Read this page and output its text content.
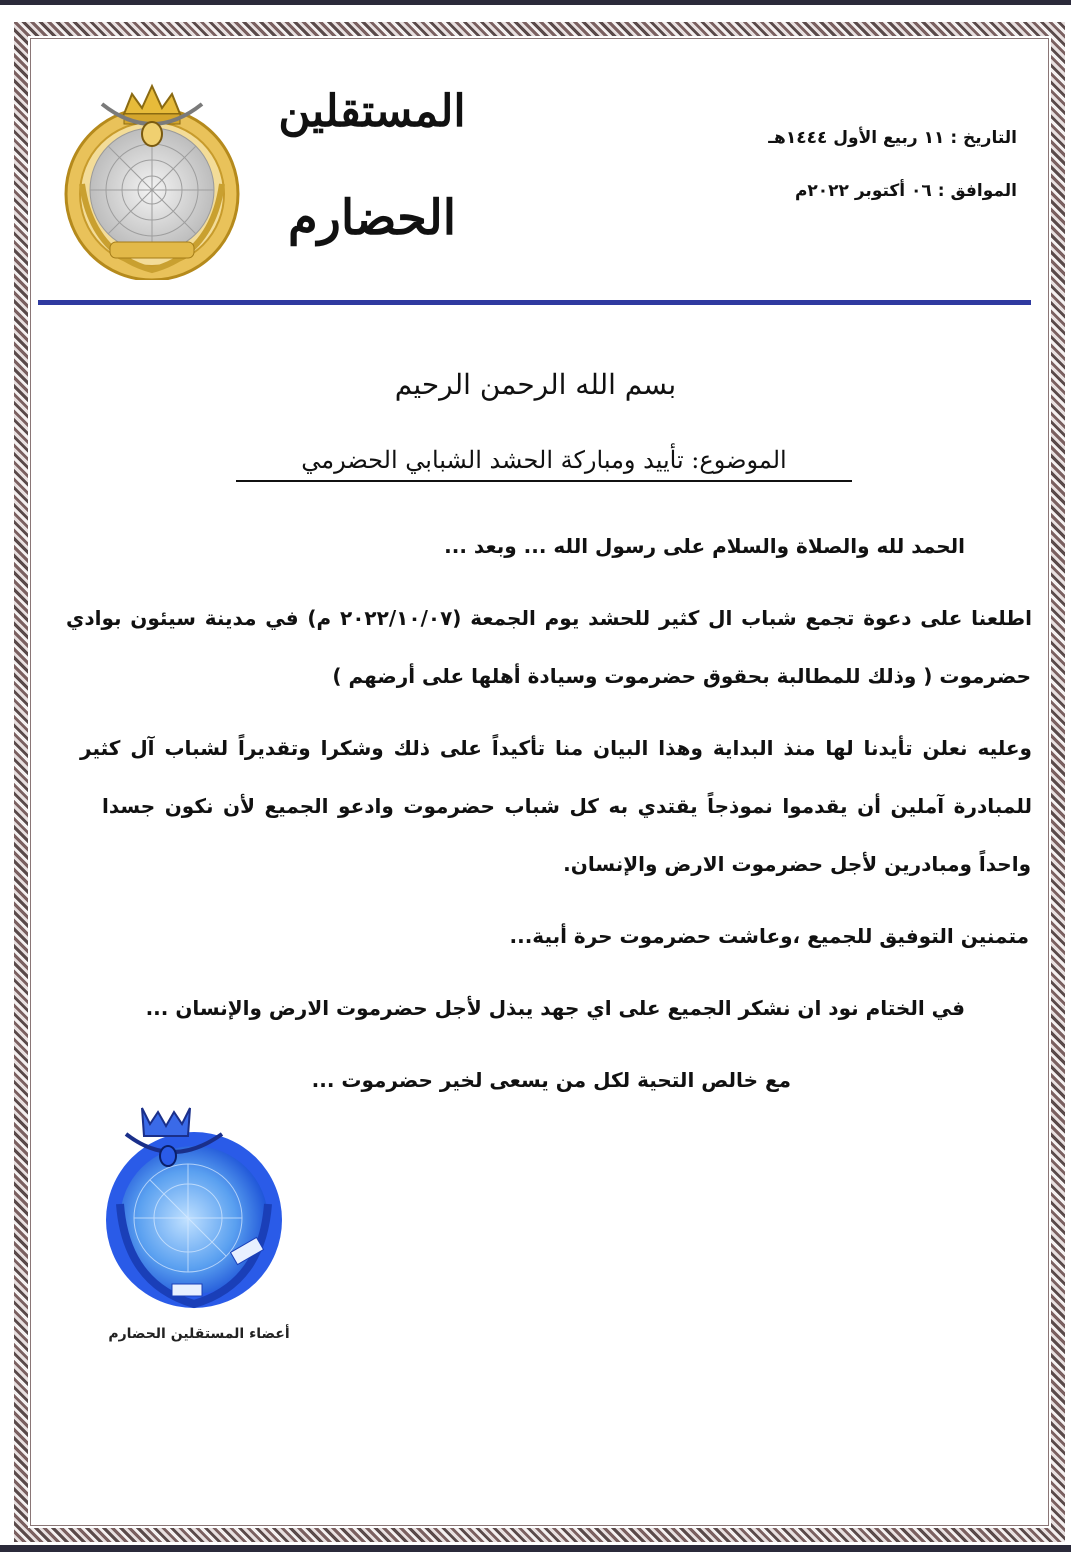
المستقلين
الحضارم
التاريخ : ١١ ربيع الأول ١٤٤٤هـ
الموافق : ٠٦ أكتوبر ٢٠٢٢م
بسم الله الرحمن الرحيم
الموضوع: تأييد ومباركة الحشد الشبابي الحضرمي
الحمد لله والصلاة والسلام على رسول الله ... وبعد ...
اطلعنا على دعوة تجمع شباب ال كثير للحشد يوم الجمعة (٢٠٢٢/١٠/٠٧ م) في مدينة سيئون بوادي
حضرموت ( وذلك للمطالبة بحقوق حضرموت وسيادة أهلها على أرضهم )
وعليه نعلن تأيدنا لها منذ البداية وهذا البيان منا تأكيداً على ذلك وشكرا وتقديراً لشباب آل كثير
للمبادرة آملين أن يقدموا نموذجاً يقتدي به كل شباب حضرموت وادعو الجميع لأن نكون جسدا
واحداً ومبادرين لأجل حضرموت الارض والإنسان.
متمنين التوفيق للجميع ،وعاشت حضرموت حرة أبية...
في الختام نود ان نشكر الجميع على اي جهد يبذل لأجل حضرموت الارض والإنسان ...
مع خالص التحية لكل من يسعى لخير حضرموت ...
أعضاء المستقلين الحضارم
